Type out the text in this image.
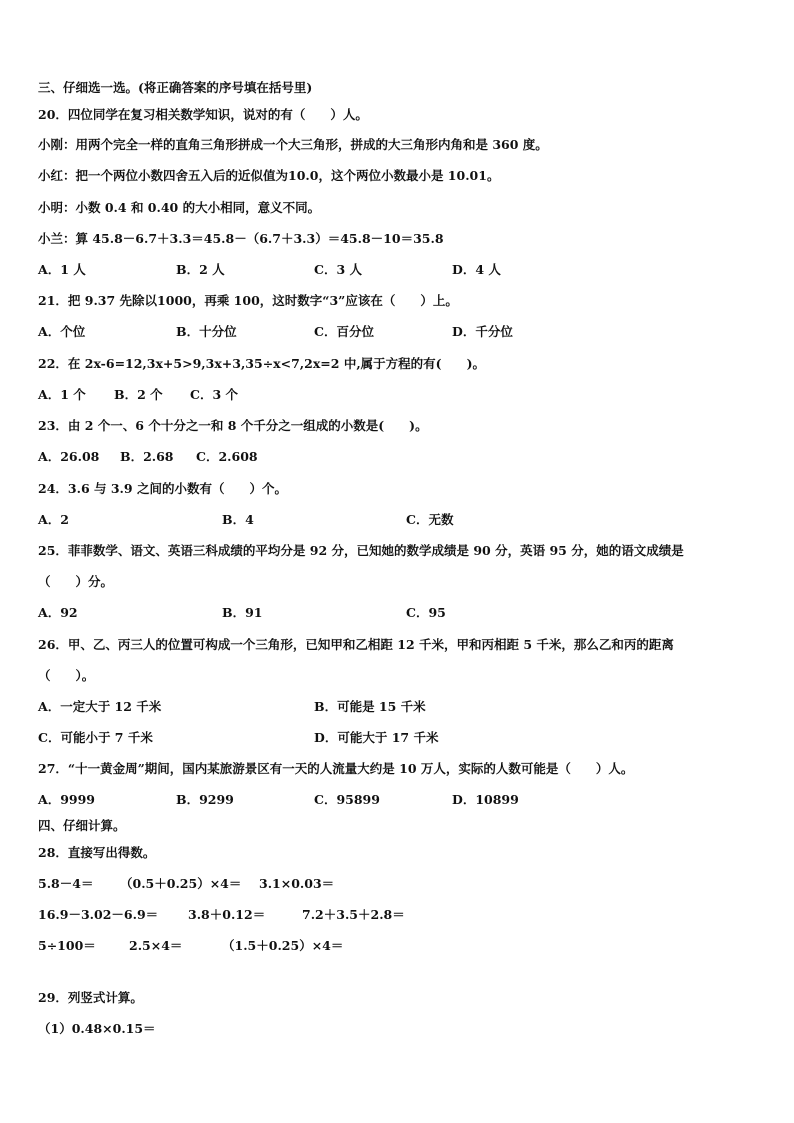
三、仔细选一选。(将正确答案的序号填在括号里)
20．四位同学在复习相关数学知识，说对的有（　　）人。
小刚：用两个完全一样的直角三角形拼成一个大三角形，拼成的大三角形内角和是 360 度。
小红：把一个两位小数四舍五入后的近似值为10.0，这个两位小数最小是 10.01。
小明：小数 0.4 和 0.40 的大小相同，意义不同。
小兰：算 45.8－6.7＋3.3＝45.8－（6.7＋3.3）＝45.8－10＝35.8
A．1 人	B．2 人	C．3 人	D．4 人
21．把 9.37 先除以1000，再乘 100，这时数字“3”应该在（　　）上。
A．个位	B．十分位	C．百分位	D．千分位
22．在 2x-6=12,3x+5>9,3x+3,35÷x<7,2x=2 中,属于方程的有(　　)。
A．1 个 B．2 个 C．3 个
23．由 2 个一、6 个十分之一和 8 个千分之一组成的小数是(　　)。
A．26.08 B．2.68 C．2.608
24．3.6 与 3.9 之间的小数有（　　）个。
A．2	B．4	C．无数
25．菲菲数学、语文、英语三科成绩的平均分是 92 分，已知她的数学成绩是 90 分，英语 95 分，她的语文成绩是
（　　）分。
A．92	B．91	C．95
26．甲、乙、丙三人的位置可构成一个三角形，已知甲和乙相距 12 千米，甲和丙相距 5 千米，那么乙和丙的距离
（　　）。
A．一定大于 12 千米	B．可能是 15 千米
C．可能小于 7 千米	D．可能大于 17 千米
27．“十一黄金周”期间，国内某旅游景区有一天的人流量大约是 10 万人，实际的人数可能是（　　）人。
A．9999	B．9299	C．95899	D．10899
四、仔细计算。
28．直接写出得数。
5.8－4＝ （0.5＋0.25）×4＝ 3.1×0.03＝
16.9－3.02－6.9＝ 3.8＋0.12＝	7.2＋3.5＋2.8＝
5÷100＝	2.5×4＝	（1.5＋0.25）×4＝
29．列竖式计算。
（1）0.48×0.15＝
